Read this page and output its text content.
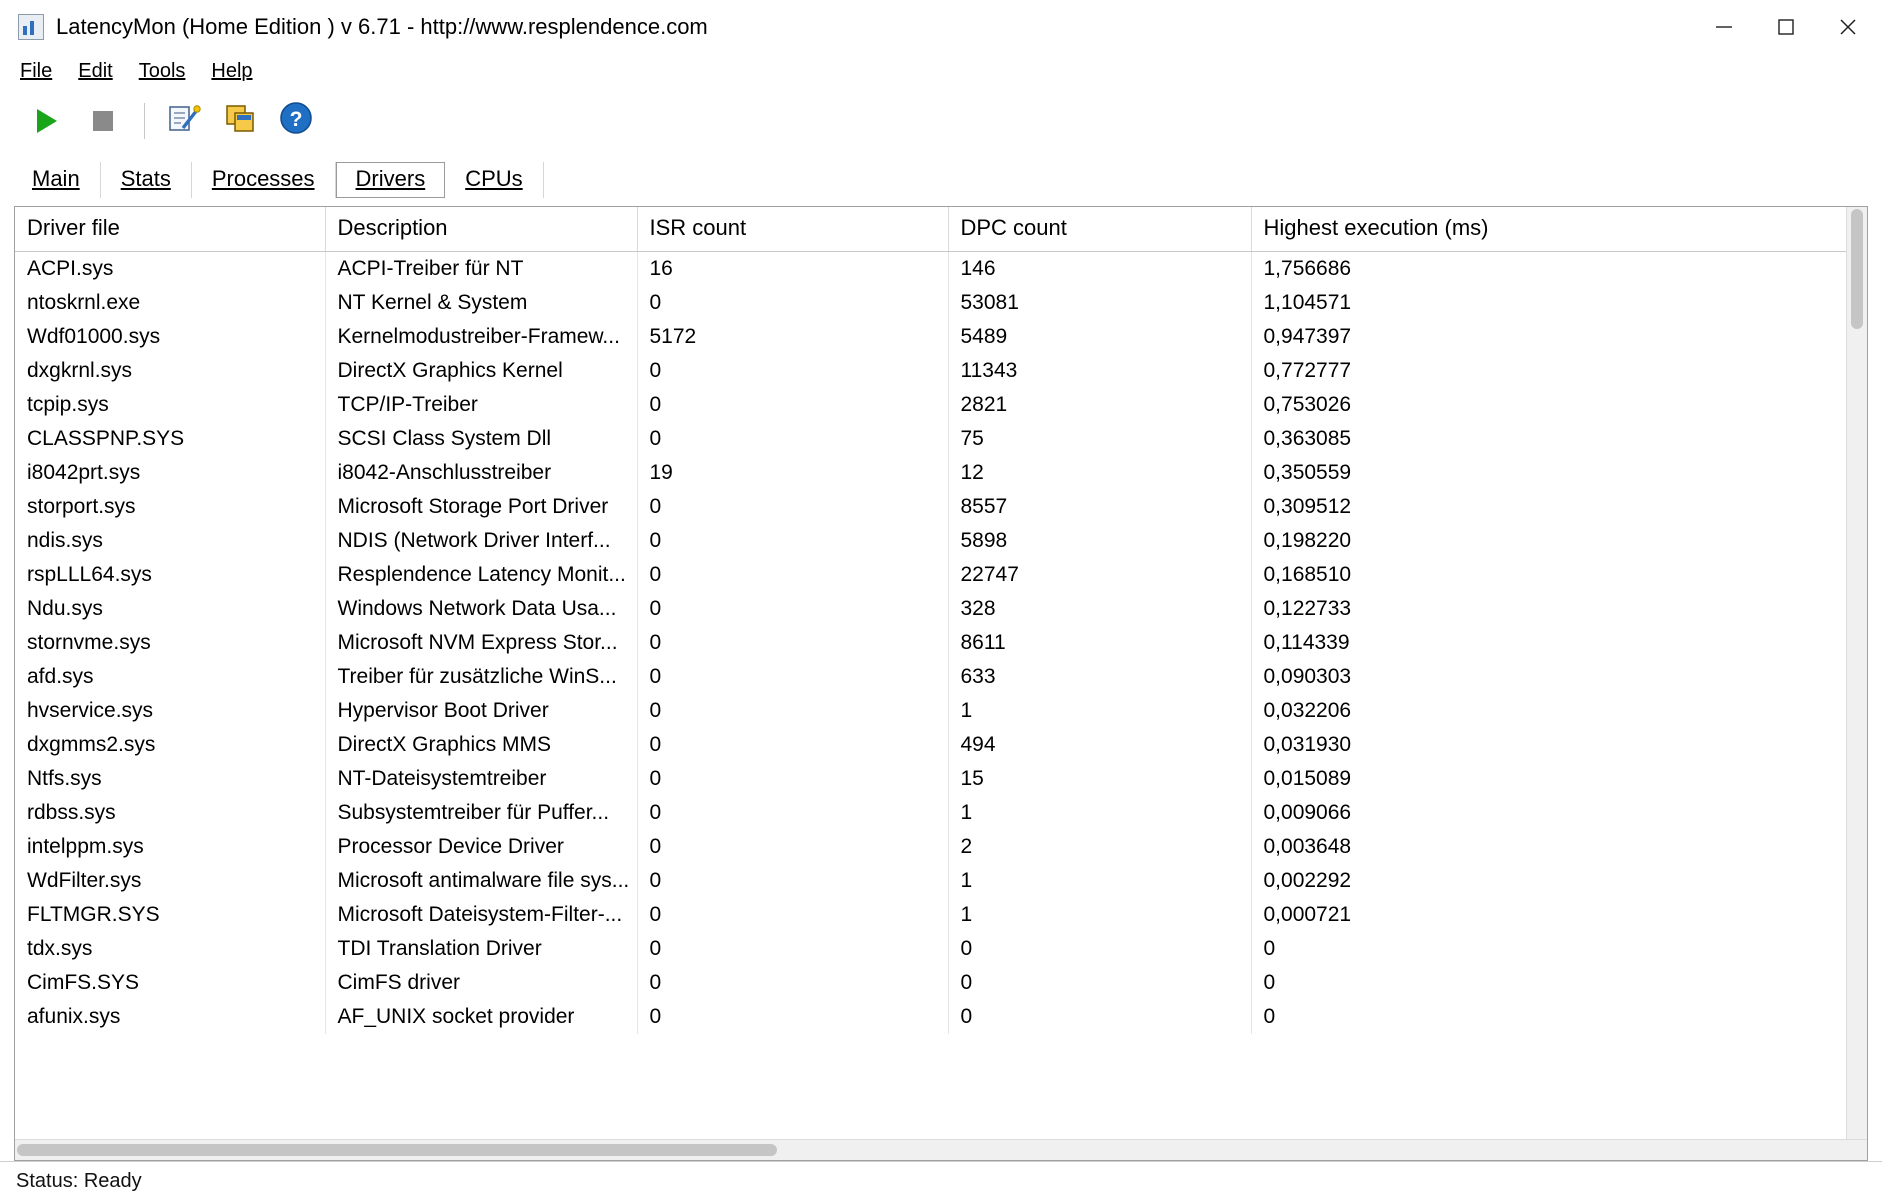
LatencyMon (Home Edition ) v 6.71 - http://www.resplendence.com
File	Edit	Tools	Help
?
Main	Stats	Processes	Drivers	CPUs
Driver file	Description	ISR count	DPC count	Highest execution (ms)
ACPI.sys	ACPI-Treiber für NT	16	146	1,756686
ntoskrnl.exe	NT Kernel & System	0	53081	1,104571
Wdf01000.sys	Kernelmodustreiber-Framew...	5172	5489	0,947397
dxgkrnl.sys	DirectX Graphics Kernel	0	11343	0,772777
tcpip.sys	TCP/IP-Treiber	0	2821	0,753026
CLASSPNP.SYS	SCSI Class System Dll	0	75	0,363085
i8042prt.sys	i8042-Anschlusstreiber	19	12	0,350559
storport.sys	Microsoft Storage Port Driver	0	8557	0,309512
ndis.sys	NDIS (Network Driver Interf...	0	5898	0,198220
rspLLL64.sys	Resplendence Latency Monit...	0	22747	0,168510
Ndu.sys	Windows Network Data Usa...	0	328	0,122733
stornvme.sys	Microsoft NVM Express Stor...	0	8611	0,114339
afd.sys	Treiber für zusätzliche WinS...	0	633	0,090303
hvservice.sys	Hypervisor Boot Driver	0	1	0,032206
dxgmms2.sys	DirectX Graphics MMS	0	494	0,031930
Ntfs.sys	NT-Dateisystemtreiber	0	15	0,015089
rdbss.sys	Subsystemtreiber für Puffer...	0	1	0,009066
intelppm.sys	Processor Device Driver	0	2	0,003648
WdFilter.sys	Microsoft antimalware file sys...	0	1	0,002292
FLTMGR.SYS	Microsoft Dateisystem-Filter-...	0	1	0,000721
tdx.sys	TDI Translation Driver	0	0	0
CimFS.SYS	CimFS driver	0	0	0
afunix.sys	AF_UNIX socket provider	0	0	0
Status: Ready
